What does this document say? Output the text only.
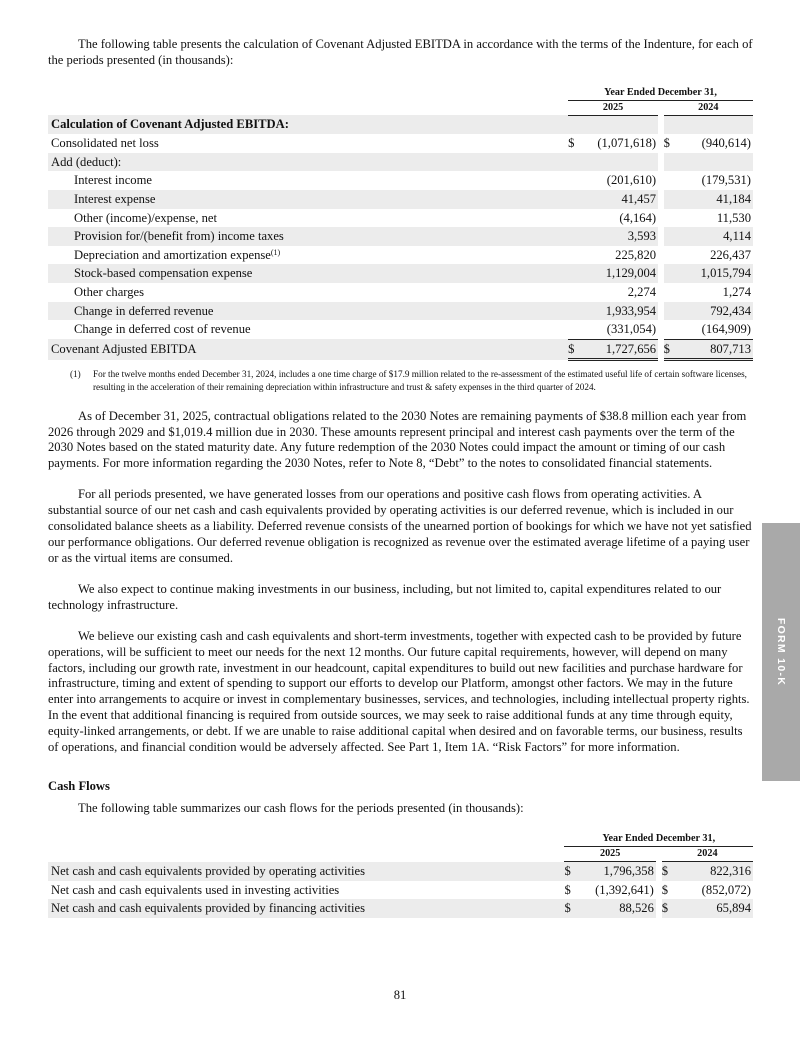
The following table presents the calculation of Covenant Adjusted EBITDA in accordance with the terms of the Indenture, for each of the periods presented (in thousands):

	Year Ended December 31,				
	2025			2024	
Calculation of Covenant Adjusted EBITDA:					
Consolidated net loss	$	(1,071,618)		$	(940,614)
Add (deduct):					
Interest income		(201,610)			(179,531)
Interest expense		41,457			41,184
Other (income)/expense, net		(4,164)			11,530
Provision for/(benefit from) income taxes		3,593			4,114
Depreciation and amortization expense$^{(1)}$		225,820			226,437
Stock-based compensation expense		1,129,004			1,015,794
Other charges		2,274			1,274
Change in deferred revenue		1,933,954			792,434
Change in deferred cost of revenue		(331,054)			(164,909)
Covenant Adjusted EBITDA	$	1,727,656		$	807,713
(1)	For the twelve months ended December 31, 2024, includes a one time charge of $17.9 million related to the re-assessment of the estimated useful life of certain software licenses, resulting in the acceleration of their remaining depreciation within infrastructure and trust & safety expenses in the third quarter of 2024.

As of December 31, 2025, contractual obligations related to the 2030 Notes are remaining payments of $38.8 million each year from 2026 through 2029 and $1,019.4 million due in 2030. These amounts represent principal and interest cash payments over the term of the 2030 Notes based on the stated maturity date. Any future redemption of the 2030 Notes could impact the amount or timing of our cash payments. For more information regarding the 2030 Notes, refer to Note 8, “Debt” to the notes to consolidated financial statements.

For all periods presented, we have generated losses from our operations and positive cash flows from operating activities. A substantial source of our net cash and cash equivalents provided by operating activities is our deferred revenue, which is included in our consolidated balance sheets as a liability. Deferred revenue consists of the unearned portion of bookings for which we have not yet satisfied our performance obligations. Our deferred revenue obligation is recognized as revenue over the estimated average lifetime of a paying user or as the virtual items are consumed.

We also expect to continue making investments in our business, including, but not limited to, capital expenditures related to our technology infrastructure.

We believe our existing cash and cash equivalents and short-term investments, together with expected cash to be provided by future operations, will be sufficient to meet our needs for the next 12 months. Our future capital requirements, however, will depend on many factors, including our growth rate, investment in our headcount, capital expenditures to build out new facilities and purchase hardware for infrastructure, timing and extent of spending to support our efforts to develop our Platform, amongst other factors. We may in the future enter into arrangements to acquire or invest in complementary businesses, services, and technologies, including intellectual property rights. In the event that additional financing is required from outside sources, we may seek to raise additional funds at any time through equity, equity-linked arrangements, or debt. If we are unable to raise additional capital when desired and on favorable terms, our business, results of operations, and financial condition would be adversely affected. See Part 1, Item 1A. “Risk Factors” for more information.

Cash Flows

The following table summarizes our cash flows for the periods presented (in thousands):

	Year Ended December 31,				
	2025			2024	
Net cash and cash equivalents provided by operating activities	$	1,796,358		$	822,316
Net cash and cash equivalents used in investing activities	$	(1,392,641)		$	(852,072)
Net cash and cash equivalents provided by financing activities	$	88,526		$	65,894
FORM 10-K
81
